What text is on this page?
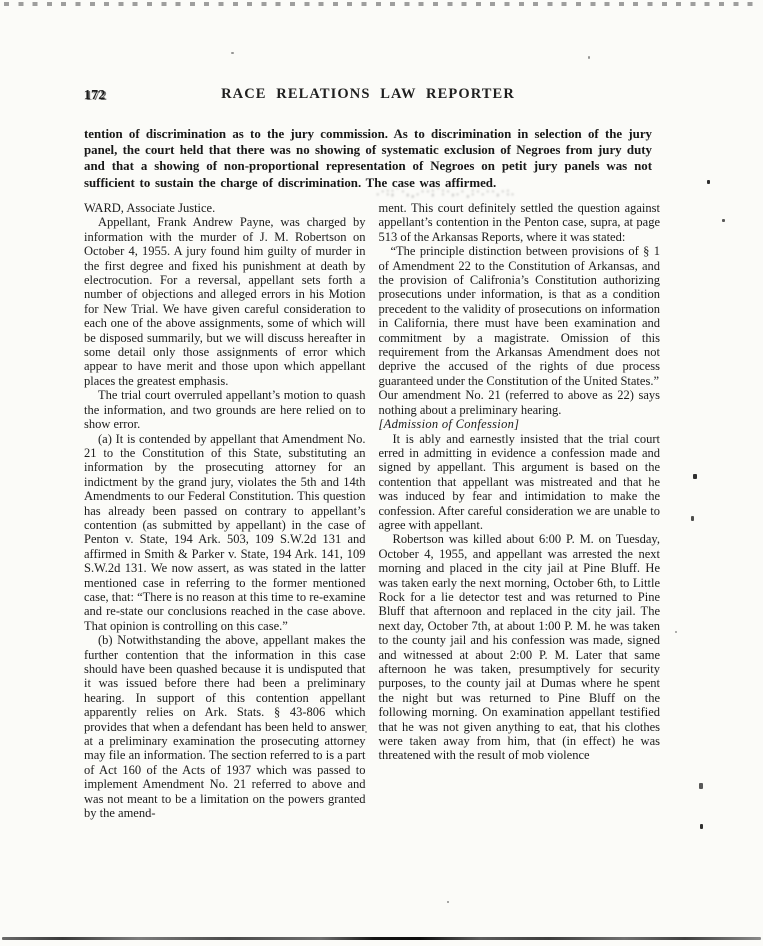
172	RACE RELATIONS LAW REPORTER

tention of discrimination as to the jury commission. As to discrimination in selection of the jury panel, the court held that there was no showing of systematic exclusion of Negroes from jury duty and that a showing of non-proportional representation of Negroes on petit jury panels was not sufficient to sustain the charge of discrimination. The case was affirmed.

WARD, Associate Justice.

Appellant, Frank Andrew Payne, was charged by information with the murder of J. M. Robertson on October 4, 1955. A jury found him guilty of murder in the first degree and fixed his punishment at death by electrocution. For a reversal, appellant sets forth a number of objections and alleged errors in his Motion for New Trial. We have given careful consideration to each one of the above assignments, some of which will be disposed summarily, but we will discuss hereafter in some detail only those assignments of error which appear to have merit and those upon which appellant places the greatest emphasis.

The trial court overruled appellant’s motion to quash the information, and two grounds are here relied on to show error.

(a) It is contended by appellant that Amendment No. 21 to the Constitution of this State, substituting an information by the prosecuting attorney for an indictment by the grand jury, violates the 5th and 14th Amendments to our Federal Constitution. This question has already been passed on contrary to appellant’s contention (as submitted by appellant) in the case of Penton v. State, 194 Ark. 503, 109 S.W.2d 131 and affirmed in Smith & Parker v. State, 194 Ark. 141, 109 S.W.2d 131. We now assert, as was stated in the latter mentioned case in referring to the former mentioned case, that: “There is no reason at this time to re-examine and re-state our conclusions reached in the case above. That opinion is controlling on this case.”

(b) Notwithstanding the above, appellant makes the further contention that the information in this case should have been quashed because it is undisputed that it was issued before there had been a preliminary hearing. In support of this contention appellant apparently relies on Ark. Stats. § 43-806 which provides that when a defendant has been held to answer at a preliminary examination the prosecuting attorney may file an information. The section referred to is a part of Act 160 of the Acts of 1937 which was passed to implement Amendment No. 21 referred to above and was not meant to be a limitation on the powers granted by the amend-

.·:;˙·,¸.··;˙:·,.·¸:·.··,·:.

ment. This court definitely settled the question against appellant’s contention in the Penton case, supra, at page 513 of the Arkansas Reports, where it was stated:

“The principle distinction between provisions of § 1 of Amendment 22 to the Constitution of Arkansas, and the provision of Califronia’s Constitution authorizing prosecutions under information, is that as a condition precedent to the validity of prosecutions on information in California, there must have been examination and commitment by a magistrate. Omission of this requirement from the Arkansas Amendment does not deprive the accused of the rights of due process guaranteed under the Constitution of the United States.”

Our amendment No. 21 (referred to above as 22) says nothing about a preliminary hearing.

[Admission of Confession]

It is ably and earnestly insisted that the trial court erred in admitting in evidence a confession made and signed by appellant. This argument is based on the contention that appellant was mistreated and that he was induced by fear and intimidation to make the confession. After careful consideration we are unable to agree with appellant.

Robertson was killed about 6:00 P. M. on Tuesday, October 4, 1955, and appellant was arrested the next morning and placed in the city jail at Pine Bluff. He was taken early the next morning, October 6th, to Little Rock for a lie detector test and was returned to Pine Bluff that afternoon and replaced in the city jail. The next day, October 7th, at about 1:00 P. M. he was taken to the county jail and his confession was made, signed and witnessed at about 2:00 P. M. Later that same afternoon he was taken, presumptively for security purposes, to the county jail at Dumas where he spent the night but was returned to Pine Bluff on the following morning. On examination appellant testified that he was not given anything to eat, that his clothes were taken away from him, that (in effect) he was threatened with the result of mob violence
